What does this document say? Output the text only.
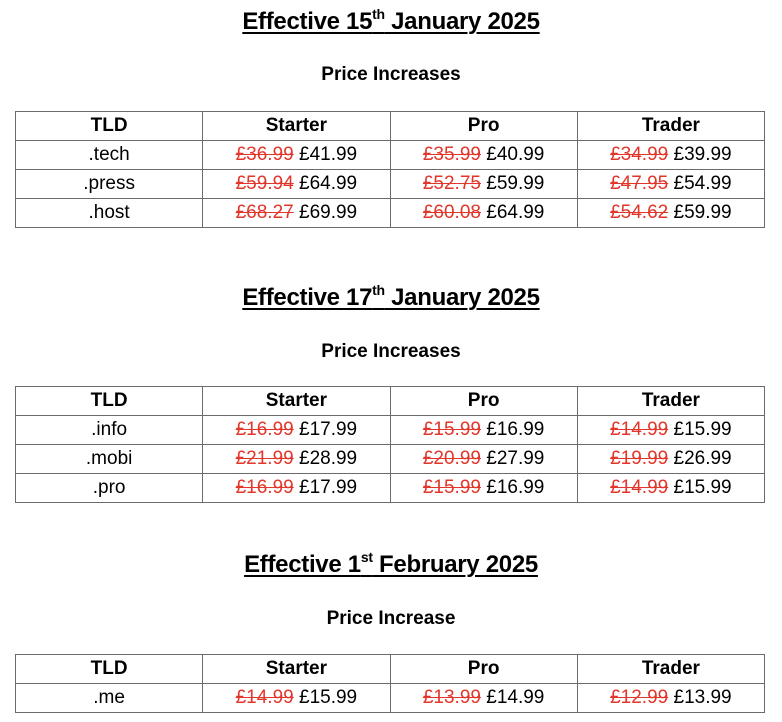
Effective 15th January 2025

Price Increases

TLD	Starter	Pro	Trader
.tech	£36.99 £41.99	£35.99 £40.99	£34.99 £39.99
.press	£59.94 £64.99	£52.75 £59.99	£47.95 £54.99
.host	£68.27 £69.99	£60.08 £64.99	£54.62 £59.99
Effective 17th January 2025

Price Increases

TLD	Starter	Pro	Trader
.info	£16.99 £17.99	£15.99 £16.99	£14.99 £15.99
.mobi	£21.99 £28.99	£20.99 £27.99	£19.99 £26.99
.pro	£16.99 £17.99	£15.99 £16.99	£14.99 £15.99
Effective 1st February 2025

Price Increase

TLD	Starter	Pro	Trader
.me	£14.99 £15.99	£13.99 £14.99	£12.99 £13.99
